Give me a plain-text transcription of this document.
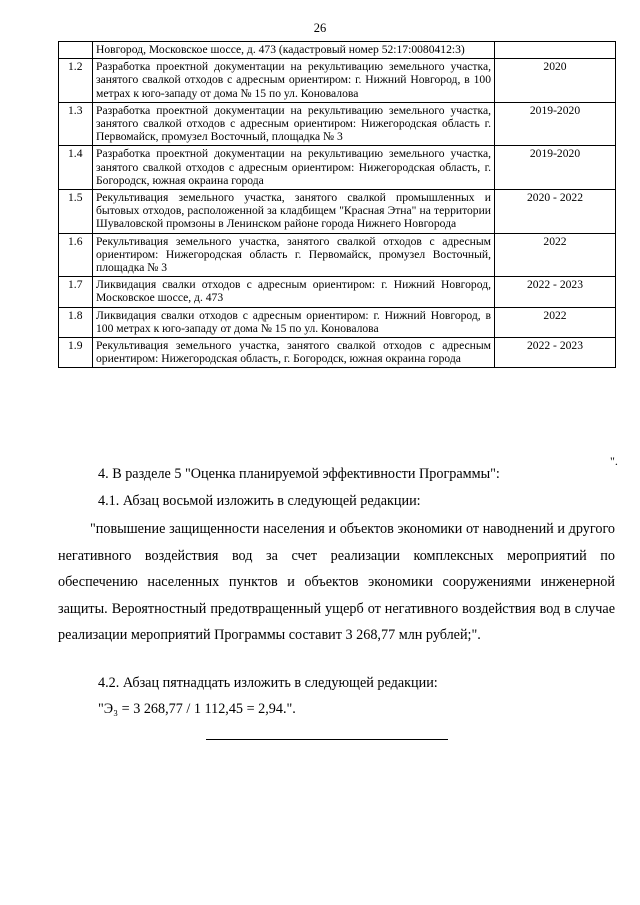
26
	Новгород, Московское шоссе, д. 473 (кадастровый номер 52:17:0080412:3)	
1.2	Разработка проектной документации на рекультивацию земельного участка, занятого свалкой отходов с адресным ориентиром: г. Нижний Новгород, в 100 метрах к юго-западу от дома № 15 по ул. Коновалова	2020
1.3	Разработка проектной документации на рекультивацию земельного участка, занятого свалкой отходов с адресным ориентиром: Нижегородская область г. Первомайск, промузел Восточный, площадка № 3	2019-2020
1.4	Разработка проектной документации на рекультивацию земельного участка, занятого свалкой отходов с адресным ориентиром: Нижегородская область, г. Богородск, южная окраина города	2019-2020
1.5	Рекультивация земельного участка, занятого свалкой промышленных и бытовых отходов, расположенной за кладбищем "Красная Этна" на территории Шуваловской промзоны в Ленинском районе города Нижнего Новгорода	2020 - 2022
1.6	Рекультивация земельного участка, занятого свалкой отходов с адресным ориентиром: Нижегородская область г. Первомайск, промузел Восточный, площадка № 3	2022
1.7	Ликвидация свалки отходов с адресным ориентиром: г. Нижний Новгород, Московское шоссе, д. 473	2022 - 2023
1.8	Ликвидация свалки отходов с адресным ориентиром: г. Нижний Новгород, в 100 метрах к юго-западу от дома № 15 по ул. Коновалова	2022
1.9	Рекультивация земельного участка, занятого свалкой отходов с адресным ориентиром: Нижегородская область, г. Богородск, южная окраина города	2022 - 2023
".

4. В разделе 5 "Оценка планируемой эффективности Программы":

4.1. Абзац восьмой изложить в следующей редакции:

"повышение защищенности населения и объектов экономики от наводнений и другого негативного воздействия вод за счет реализации комплексных мероприятий по обеспечению населенных пунктов и объектов экономики сооружениями инженерной защиты. Вероятностный предотвращенный ущерб от негативного воздействия вод в случае реализации мероприятий Программы составит 3 268,77 млн рублей;".

4.2. Абзац пятнадцать изложить в следующей редакции:

"Э₃ = 3 268,77 / 1 112,45 = 2,94.".
